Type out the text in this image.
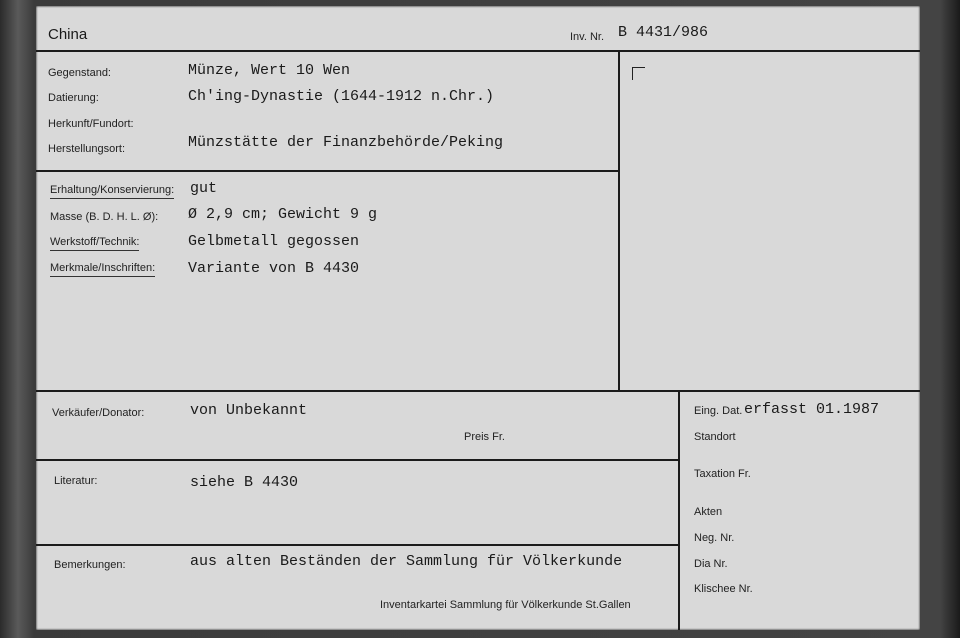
China	Inv. Nr. B 4431/986
Gegenstand:	Münze, Wert 10 Wen
Datierung:	Ch'ing-Dynastie (1644-1912 n.Chr.)
Herkunft/Fundort:
Herstellungsort:	Münzstätte der Finanzbehörde/Peking
Erhaltung/Konservierung: gut
Masse (B. D. H. L. Ø): Ø 2,9 cm; Gewicht 9 g
Werkstoff/Technik:	Gelbmetall gegossen
Merkmale/Inschriften: Variante von B 4430
Verkäufer/Donator:	von Unbekannt
Preis Fr.
Literatur:	siehe B 4430
Bemerkungen:	aus alten Beständen der Sammlung für Völkerkunde
Inventarkartei Sammlung für Völkerkunde St.Gallen
Eing. Dat. erfasst 01.1987
Standort
Taxation Fr.
Akten
Neg. Nr.
Dia Nr.
Klischee Nr.
